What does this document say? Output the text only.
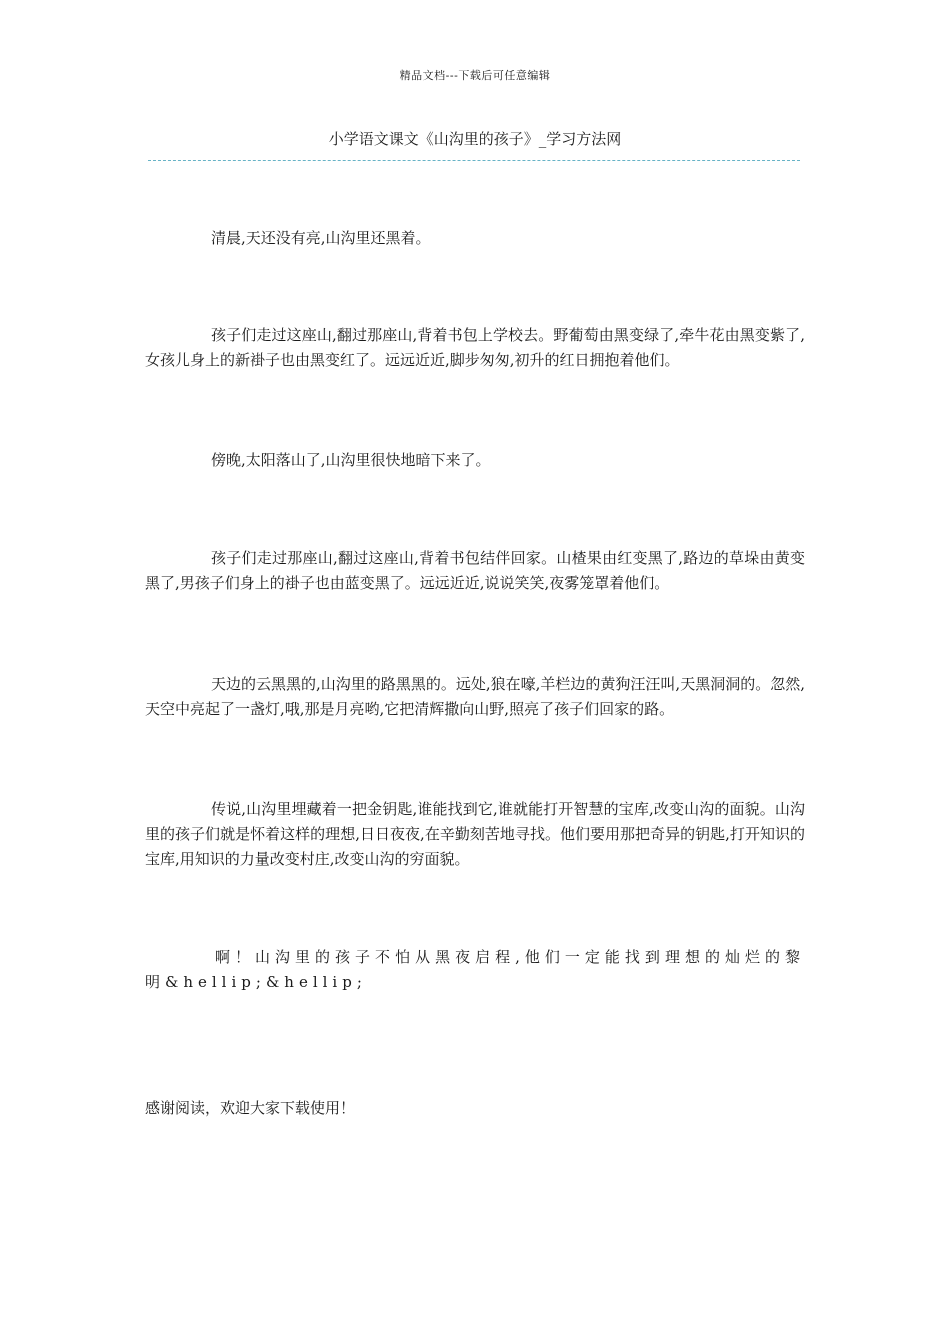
精品文档---下载后可任意编辑
小学语文课文《山沟里的孩子》_学习方法网

清晨,天还没有亮,山沟里还黑着。

孩子们走过这座山,翻过那座山,背着书包上学校去。野葡萄由黑变绿了,牵牛花由黑变紫了,女孩儿身上的新褂子也由黑变红了。远远近近,脚步匆匆,初升的红日拥抱着他们。

傍晚,太阳落山了,山沟里很快地暗下来了。

孩子们走过那座山,翻过这座山,背着书包结伴回家。山楂果由红变黑了,路边的草垛由黄变黑了,男孩子们身上的褂子也由蓝变黑了。远远近近,说说笑笑,夜雾笼罩着他们。

天边的云黑黑的,山沟里的路黑黑的。远处,狼在嚎,羊栏边的黄狗汪汪叫,天黑洞洞的。忽然,天空中亮起了一盏灯,哦,那是月亮哟,它把清辉撒向山野,照亮了孩子们回家的路。

传说,山沟里埋藏着一把金钥匙,谁能找到它,谁就能打开智慧的宝库,改变山沟的面貌。山沟里的孩子们就是怀着这样的理想,日日夜夜,在辛勤刻苦地寻找。他们要用那把奇异的钥匙,打开知识的宝库,用知识的力量改变村庄,改变山沟的穷面貌。

啊！山沟里的孩子不怕从黑夜启程,他们一定能找到理想的灿烂的黎明&hellip;&hellip;

感谢阅读，欢迎大家下载使用！
